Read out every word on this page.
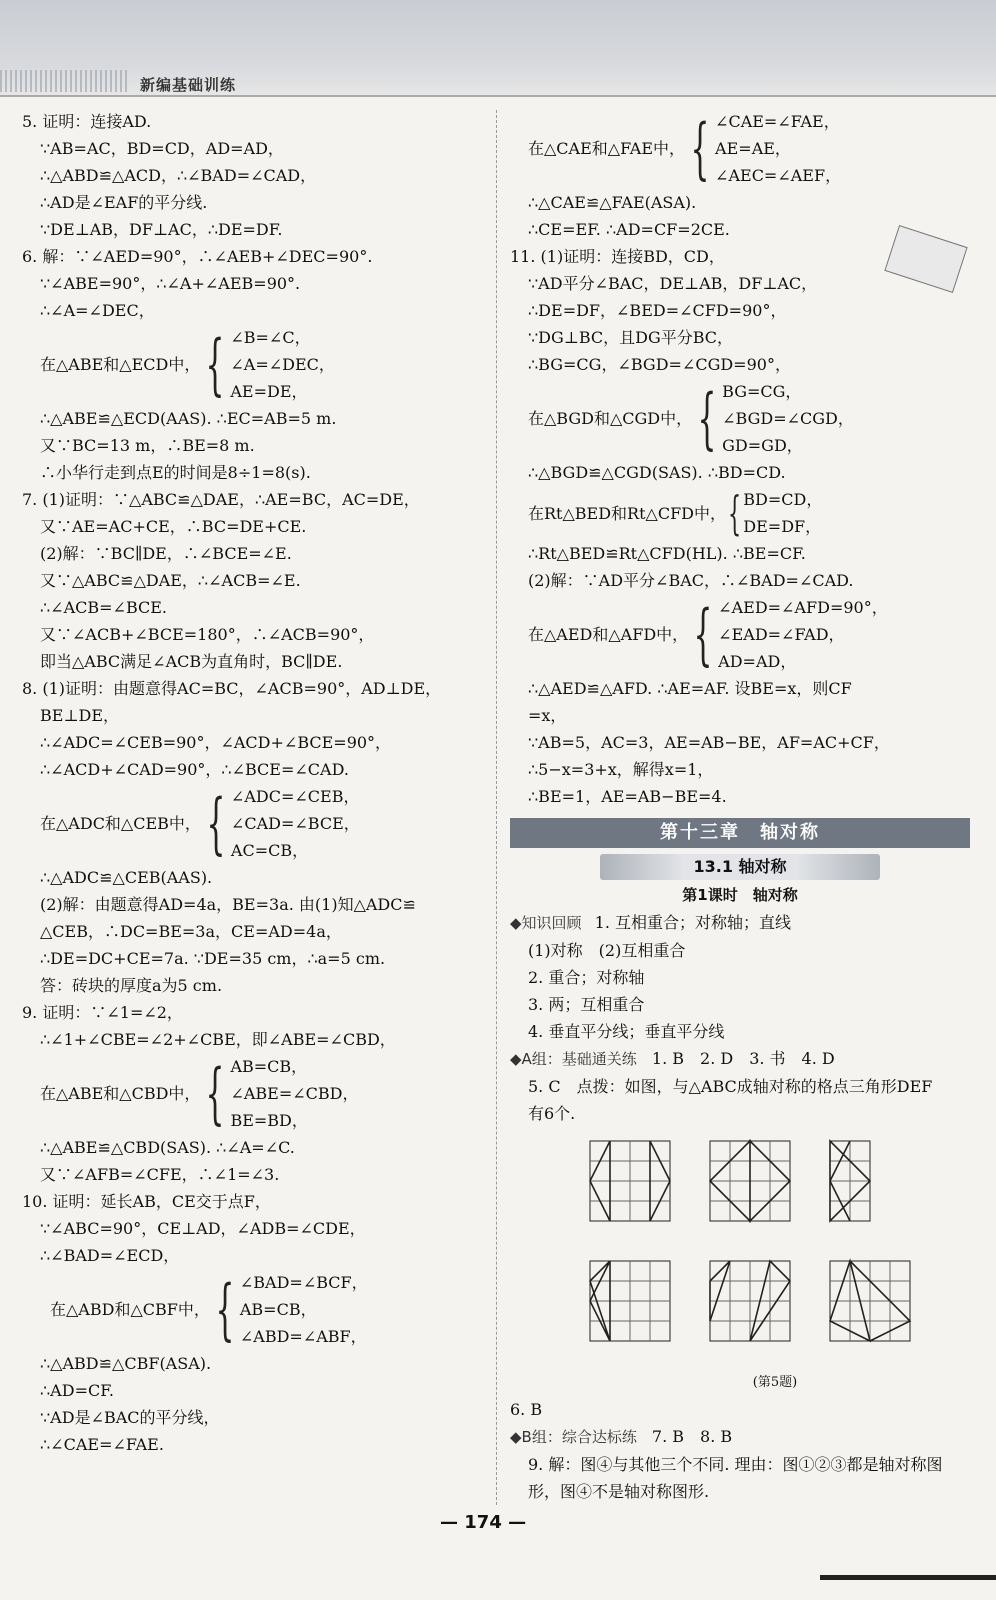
新编基础训练
5. 证明：连接AD.
∵AB=AC，BD=CD，AD=AD，
∴△ABD≌△ACD，∴∠BAD=∠CAD，
∴AD是∠EAF的平分线.
∵DE⊥AB，DF⊥AC，∴DE=DF.
6. 解：∵∠AED=90°，∴∠AEB+∠DEC=90°.
∵∠ABE=90°，∴∠A+∠AEB=90°.
∴∠A=∠DEC，
在△ABE和△ECD中， { ∠B=∠C，
∠A=∠DEC，
AE=DE，
∴△ABE≌△ECD(AAS). ∴EC=AB=5 m.
又∵BC=13 m，∴BE=8 m.
∴小华行走到点E的时间是8÷1=8(s).
7. (1)证明：∵△ABC≌△DAE，∴AE=BC，AC=DE，
又∵AE=AC+CE，∴BC=DE+CE.
(2)解：∵BC∥DE，∴∠BCE=∠E.
又∵△ABC≌△DAE，∴∠ACB=∠E.
∴∠ACB=∠BCE.
又∵∠ACB+∠BCE=180°，∴∠ACB=90°，
即当△ABC满足∠ACB为直角时，BC∥DE.
8. (1)证明：由题意得AC=BC，∠ACB=90°，AD⊥DE，
BE⊥DE，
∴∠ADC=∠CEB=90°，∠ACD+∠BCE=90°，
∴∠ACD+∠CAD=90°，∴∠BCE=∠CAD.
在△ADC和△CEB中， { ∠ADC=∠CEB，
∠CAD=∠BCE，
AC=CB，
∴△ADC≌△CEB(AAS).
(2)解：由题意得AD=4a，BE=3a. 由(1)知△ADC≌
△CEB，∴DC=BE=3a，CE=AD=4a，
∴DE=DC+CE=7a. ∵DE=35 cm，∴a=5 cm.
答：砖块的厚度a为5 cm.
9. 证明：∵∠1=∠2，
∴∠1+∠CBE=∠2+∠CBE，即∠ABE=∠CBD，
在△ABE和△CBD中， { AB=CB，
∠ABE=∠CBD，
BE=BD，
∴△ABE≌△CBD(SAS). ∴∠A=∠C.
又∵∠AFB=∠CFE，∴∠1=∠3.
10. 证明：延长AB，CE交于点F，
∵∠ABC=90°，CE⊥AD，∠ADB=∠CDE，
∴∠BAD=∠ECD，
在△ABD和△CBF中， { ∠BAD=∠BCF，
AB=CB，
∠ABD=∠ABF，
∴△ABD≌△CBF(ASA).
∴AD=CF.
∵AD是∠BAC的平分线，
∴∠CAE=∠FAE.
在△CAE和△FAE中， { ∠CAE=∠FAE，
AE=AE，
∠AEC=∠AEF，
∴△CAE≌△FAE(ASA).
∴CE=EF. ∴AD=CF=2CE.
11. (1)证明：连接BD，CD，
∵AD平分∠BAC，DE⊥AB，DF⊥AC，
∴DE=DF，∠BED=∠CFD=90°，
∵DG⊥BC，且DG平分BC，
∴BG=CG，∠BGD=∠CGD=90°，
在△BGD和△CGD中， { BG=CG，
∠BGD=∠CGD，
GD=GD，
∴△BGD≌△CGD(SAS). ∴BD=CD.
在Rt△BED和Rt△CFD中， { BD=CD，
DE=DF，
∴Rt△BED≌Rt△CFD(HL). ∴BE=CF.
(2)解：∵AD平分∠BAC，∴∠BAD=∠CAD.
在△AED和△AFD中， { ∠AED=∠AFD=90°，
∠EAD=∠FAD，
AD=AD，
∴△AED≌△AFD. ∴AE=AF. 设BE=x，则CF
=x，
∵AB=5，AC=3，AE=AB−BE，AF=AC+CF，
∴5−x=3+x，解得x=1，
∴BE=1，AE=AB−BE=4.
第十三章　轴对称
13.1 轴对称
第1课时　轴对称
◆知识回顾 1. 互相重合；对称轴；直线
(1)对称　(2)互相重合
2. 重合；对称轴
3. 两；互相重合
4. 垂直平分线；垂直平分线
◆A组：基础通关练 1. B　2. D　3. 书　4. D
5. C　点拨：如图，与△ABC成轴对称的格点三角形DEF
有6个.
(第5题)
6. B
◆B组：综合达标练 7. B　8. B
9. 解：图④与其他三个不同. 理由：图①②③都是轴对称图
形，图④不是轴对称图形.
— 174 —
